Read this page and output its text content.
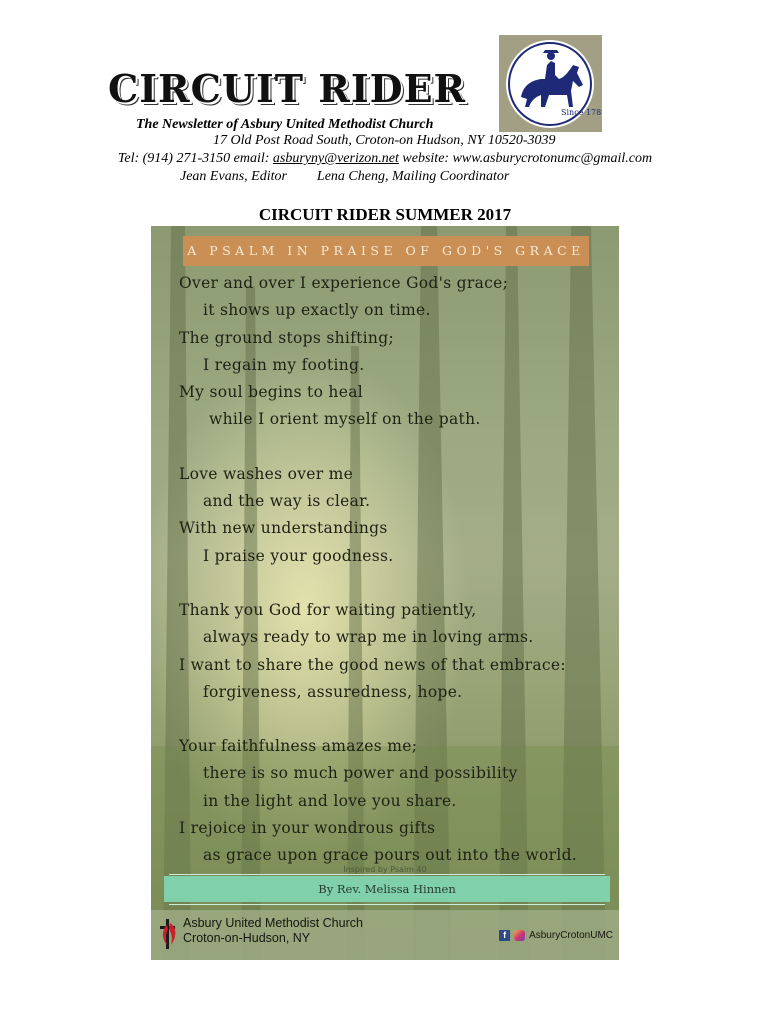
CIRCUIT RIDER
The Newsletter of Asbury United Methodist Church
17 Old Post Road South, Croton-on Hudson, NY 10520-3039
Tel: (914) 271-3150 email: asburyny@verizon.net website: www.asburycrotonumc@gmail.com
Jean Evans, Editor Lena Cheng, Mailing Coordinator
Since 1789
CIRCUIT RIDER SUMMER 2017
A PSALM IN PRAISE OF GOD'S GRACE
Over and over I experience God's grace;
it shows up exactly on time.
The ground stops shifting;
I regain my footing.
My soul begins to heal
while I orient myself on the path.
Love washes over me
and the way is clear.
With new understandings
I praise your goodness.
Thank you God for waiting patiently,
always ready to wrap me in loving arms.
I want to share the good news of that embrace:
forgiveness, assuredness, hope.
Your faithfulness amazes me;
there is so much power and possibility
in the light and love you share.
I rejoice in your wondrous gifts
as grace upon grace pours out into the world.
Inspired by Psalm 40
By Rev. Melissa Hinnen
Asbury United Methodist Church
Croton-on-Hudson, NY	f	AsburyCrotonUMC
